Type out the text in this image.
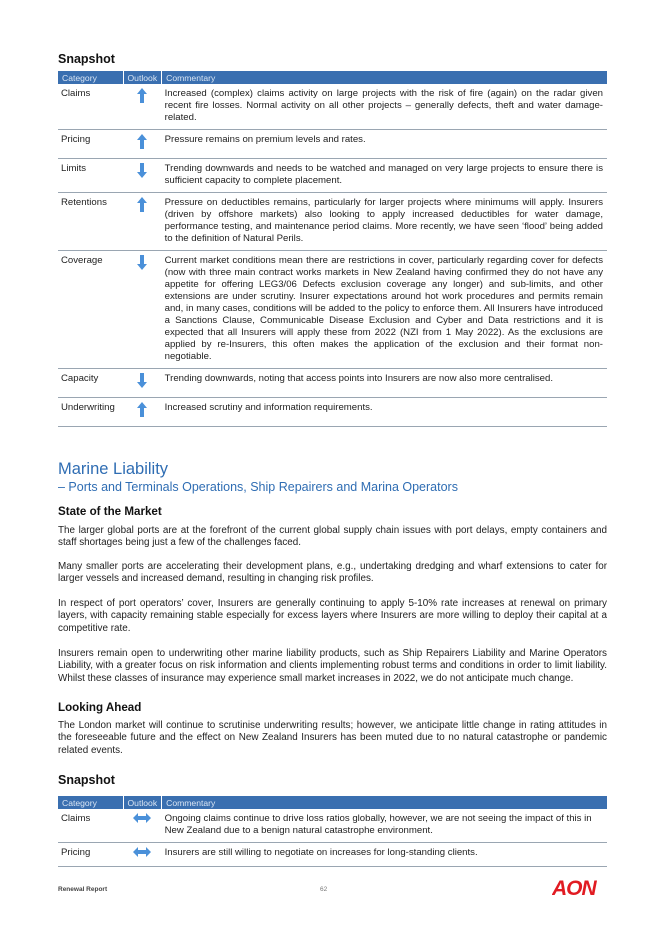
Snapshot
Category	Outlook	Commentary
Claims		Increased (complex) claims activity on large projects with the risk of fire (again) on the radar given recent fire losses. Normal activity on all other projects – generally defects, theft and water damage-related.
Pricing		Pressure remains on premium levels and rates.
Limits		Trending downwards and needs to be watched and managed on very large projects to ensure there is sufficient capacity to complete placement.
Retentions		Pressure on deductibles remains, particularly for larger projects where minimums will apply. Insurers (driven by offshore markets) also looking to apply increased deductibles for water damage, performance testing, and maintenance period claims. More recently, we have seen ‘flood’ being added to the definition of Natural Perils.
Coverage		Current market conditions mean there are restrictions in cover, particularly regarding cover for defects (now with three main contract works markets in New Zealand having confirmed they do not have any appetite for offering LEG3/06 Defects exclusion coverage any longer) and sub-limits, and other extensions are under scrutiny. Insurer expectations around hot work procedures and permits remain and, in many cases, conditions will be added to the policy to enforce them. All Insurers have introduced a Sanctions Clause, Communicable Disease Exclusion and Cyber and Data restrictions and it is expected that all Insurers will apply these from 2022 (NZI from 1 May 2022). As the exclusions are applied by re-Insurers, this often makes the application of the exclusion and their format non-negotiable.
Capacity		Trending downwards, noting that access points into Insurers are now also more centralised.
Underwriting		Increased scrutiny and information requirements.
Marine Liability
– Ports and Terminals Operations, Ship Repairers and Marina Operators
State of the Market

The larger global ports are at the forefront of the current global supply chain issues with port delays, empty containers and staff shortages being just a few of the challenges faced.

Many smaller ports are accelerating their development plans, e.g., undertaking dredging and wharf extensions to cater for larger vessels and increased demand, resulting in changing risk profiles.

In respect of port operators’ cover, Insurers are generally continuing to apply 5-10% rate increases at renewal on primary layers, with capacity remaining stable especially for excess layers where Insurers are more willing to deploy their capital at a competitive rate.

Insurers remain open to underwriting other marine liability products, such as Ship Repairers Liability and Marine Operators Liability, with a greater focus on risk information and clients implementing robust terms and conditions in order to limit liability. Whilst these classes of insurance may experience small market increases in 2022, we do not anticipate much change.

Looking Ahead

The London market will continue to scrutinise underwriting results; however, we anticipate little change in rating attitudes in the foreseeable future and the effect on New Zealand Insurers has been muted due to no natural catastrophe or pandemic related events.

Snapshot
Category	Outlook	Commentary
Claims		Ongoing claims continue to drive loss ratios globally, however, we are not seeing the impact of this in New Zealand due to a benign natural catastrophe environment.
Pricing		Insurers are still willing to negotiate on increases for long-standing clients.
Renewal Report	62	AON
